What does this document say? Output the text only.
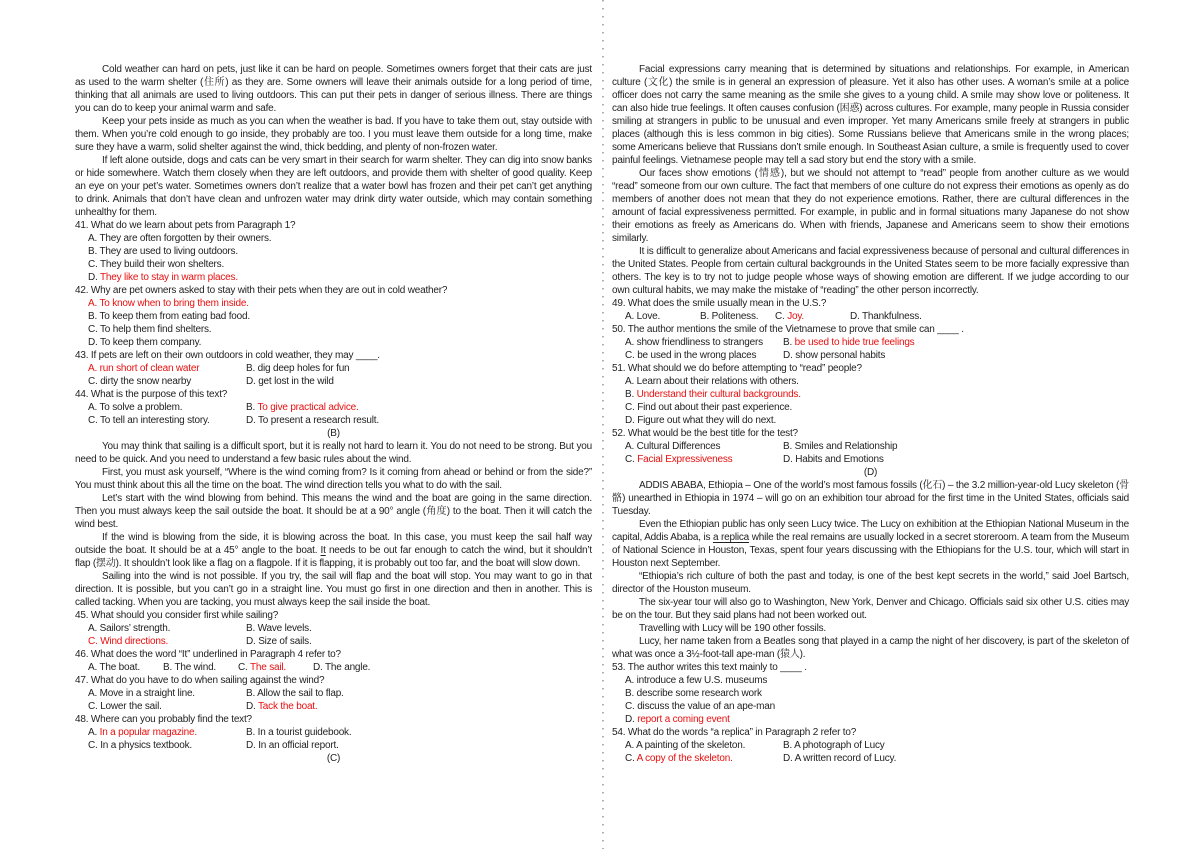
Cold weather can hard on pets, just like it can be hard on people. Sometimes owners forget that their cats are just as used to the warm shelter (住所) as they are. Some owners will leave their animals outside for a long period of time, thinking that all animals are used to living outdoors. This can put their pets in danger of serious illness. There are things you can do to keep your animal warm and safe.

Keep your pets inside as much as you can when the weather is bad. If you have to take them out, stay outside with them. When you’re cold enough to go inside, they probably are too. I you must leave them outside for a long time, make sure they have a warm, solid shelter against the wind, thick bedding, and plenty of non-frozen water.

If left alone outside, dogs and cats can be very smart in their search for warm shelter. They can dig into snow banks or hide somewhere. Watch them closely when they are left outdoors, and provide them with shelter of good quality. Keep an eye on your pet’s water. Sometimes owners don’t realize that a water bowl has frozen and their pet can’t get anything to drink. Animals that don’t have clean and unfrozen water may drink dirty water outside, which may contain something unhealthy for them.

41. What do we learn about pets from Paragraph 1?
A. They are often forgotten by their owners.
B. They are used to living outdoors.
C. They build their won shelters.
D. They like to stay in warm places.
42. Why are pet owners asked to stay with their pets when they are out in cold weather?
A. To know when to bring them inside.
B. To keep them from eating bad food.
C. To help them find shelters.
D. To keep them company.
43. If pets are left on their own outdoors in cold weather, they may ____.
A. run short of clean water	B. dig deep holes for fun
C. dirty the snow nearby	D. get lost in the wild
44. What is the purpose of this text?
A. To solve a problem.	B. To give practical advice.
C. To tell an interesting story.	D. To present a research result.
(B)

You may think that sailing is a difficult sport, but it is really not hard to learn it. You do not need to be strong. But you need to be quick. And you need to understand a few basic rules about the wind.

First, you must ask yourself, “Where is the wind coming from? Is it coming from ahead or behind or from the side?” You must think about this all the time on the boat. The wind direction tells you what to do with the sail.

Let’s start with the wind blowing from behind. This means the wind and the boat are going in the same direction. Then you must always keep the sail outside the boat. It should be at a 90° angle (角度) to the boat. Then it will catch the wind best.

If the wind is blowing from the side, it is blowing across the boat. In this case, you must keep the sail half way outside the boat. It should be at a 45° angle to the boat. It needs to be out far enough to catch the wind, but it shouldn’t flap (摆动). It shouldn’t look like a flag on a flagpole. If it is flapping, it is probably out too far, and the boat will slow down.

Sailing into the wind is not possible. If you try, the sail will flap and the boat will stop. You may want to go in that direction. It is possible, but you can’t go in a straight line. You must go first in one direction and then in another. This is called tacking. When you are tacking, you must always keep the sail inside the boat.

45. What should you consider first while sailing?
A. Sailors’ strength.	B. Wave levels.
C. Wind directions.	D. Size of sails.
46. What does the word “It” underlined in Paragraph 4 refer to?
A. The boat. B. The wind. C. The sail.	D. The angle.
47. What do you have to do when sailing against the wind?
A. Move in a straight line.	B. Allow the sail to flap.
C. Lower the sail.	D. Tack the boat.
48. Where can you probably find the text?
A. In a popular magazine.	B. In a tourist guidebook.
C. In a physics textbook.	D. In an official report.
(C)

Facial expressions carry meaning that is determined by situations and relationships. For example, in American culture (文化) the smile is in general an expression of pleasure. Yet it also has other uses. A woman’s smile at a police officer does not carry the same meaning as the smile she gives to a young child. A smile may show love or politeness. It can also hide true feelings. It often causes confusion (困惑) across cultures. For example, many people in Russia consider smiling at strangers in public to be unusual and even improper. Yet many Americans smile freely at strangers in public places (although this is less common in big cities). Some Russians believe that Americans smile in the wrong places; some Americans believe that Russians don’t smile enough. In Southeast Asian culture, a smile is frequently used to cover painful feelings. Vietnamese people may tell a sad story but end the story with a smile.

Our faces show emotions (情感), but we should not attempt to “read” people from another culture as we would “read” someone from our own culture. The fact that members of one culture do not express their emotions as openly as do members of another does not mean that they do not experience emotions. Rather, there are cultural differences in the amount of facial expressiveness permitted. For example, in public and in formal situations many Japanese do not show their emotions as freely as Americans do. When with friends, Japanese and Americans seem to show their emotions similarly.

It is difficult to generalize about Americans and facial expressiveness because of personal and cultural differences in the United States. People from certain cultural backgrounds in the United States seem to be more facially expressive than others. The key is to try not to judge people whose ways of showing emotion are different. If we judge according to our own cultural habits, we may make the mistake of “reading” the other person incorrectly.

49. What does the smile usually mean in the U.S.?
A. Love.	B. Politeness. C. Joy.	D. Thankfulness.
50. The author mentions the smile of the Vietnamese to prove that smile can ____ .
A. show friendliness to strangers	B. be used to hide true feelings
C. be used in the wrong places	D. show personal habits
51. What should we do before attempting to “read” people?
A. Learn about their relations with others.
B. Understand their cultural backgrounds.
C. Find out about their past experience.
D. Figure out what they will do next.
52. What would be the best title for the test?
A. Cultural Differences	B. Smiles and Relationship
C. Facial Expressiveness	D. Habits and Emotions
(D)

ADDIS ABABA, Ethiopia – One of the world’s most famous fossils (化石) – the 3.2 million-year-old Lucy skeleton (骨骼) unearthed in Ethiopia in 1974 – will go on an exhibition tour abroad for the first time in the United States, officials said Tuesday.

Even the Ethiopian public has only seen Lucy twice. The Lucy on exhibition at the Ethiopian National Museum in the capital, Addis Ababa, is a replica while the real remains are usually locked in a secret storeroom. A team from the Museum of National Science in Houston, Texas, spent four years discussing with the Ethiopians for the U.S. tour, which will start in Houston next September.

“Ethiopia’s rich culture of both the past and today, is one of the best kept secrets in the world,” said Joel Bartsch, director of the Houston museum.

The six-year tour will also go to Washington, New York, Denver and Chicago. Officials said six other U.S. cities may be on the tour. But they said plans had not been worked out.

Travelling with Lucy will be 190 other fossils.

Lucy, her name taken from a Beatles song that played in a camp the night of her discovery, is part of the skeleton of what was once a 3½-foot-tall ape-man (猿人).

53. The author writes this text mainly to ____ .
A. introduce a few U.S. museums
B. describe some research work
C. discuss the value of an ape-man
D. report a coming event
54. What do the words “a replica” in Paragraph 2 refer to?
A. A painting of the skeleton.	B. A photograph of Lucy
C. A copy of the skeleton.	D. A written record of Lucy.
